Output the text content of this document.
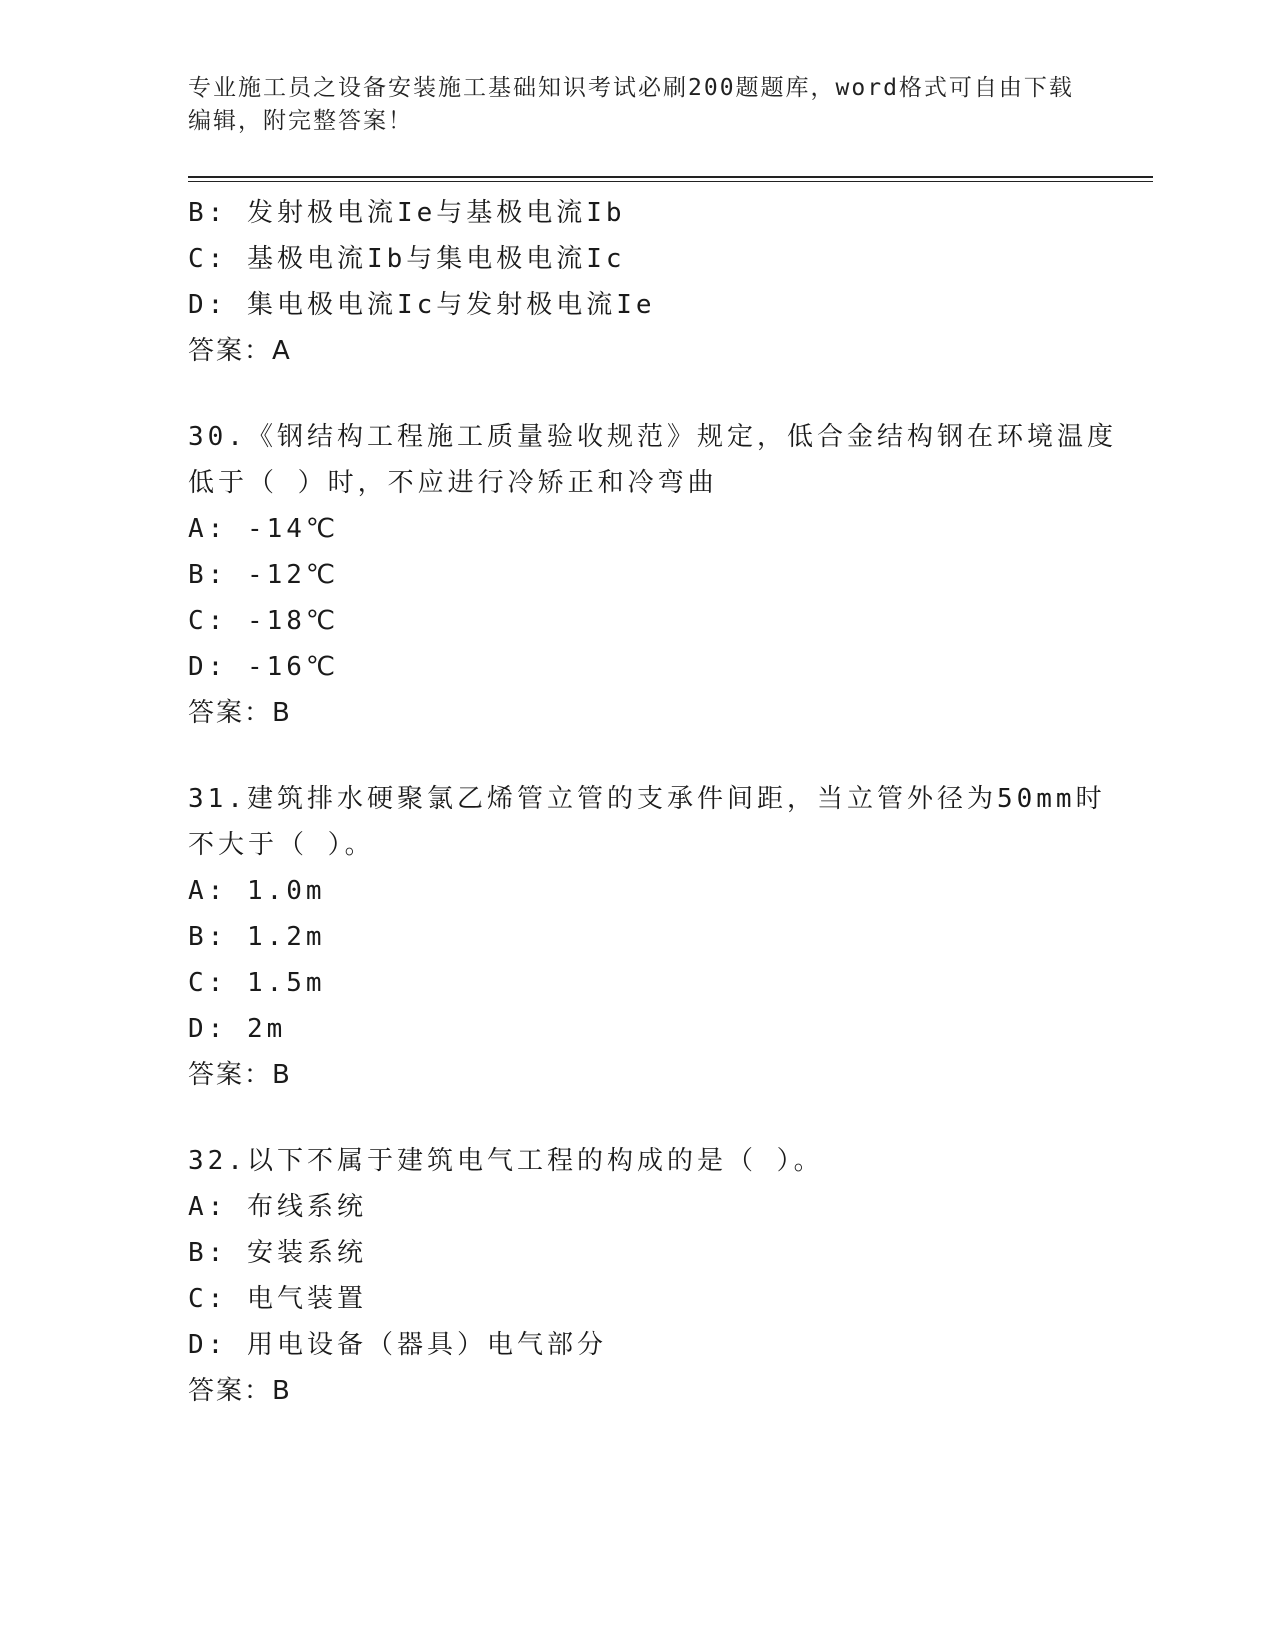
专业施工员之设备安装施工基础知识考试必刷200题题库，word格式可自由下载
编辑，附完整答案！
B: 发射极电流Ie与基极电流Ib
C: 基极电流Ib与集电极电流Ic
D: 集电极电流Ic与发射极电流Ie
答案：A
30.《钢结构工程施工质量验收规范》规定，低合金结构钢在环境温度
低于（ ）时，不应进行冷矫正和冷弯曲
A: -14℃
B: -12℃
C: -18℃
D: -16℃
答案：B
31.建筑排水硬聚氯乙烯管立管的支承件间距，当立管外径为50mm时
不大于（ ）。
A: 1.0m
B: 1.2m
C: 1.5m
D: 2m
答案：B
32.以下不属于建筑电气工程的构成的是（ ）。
A: 布线系统
B: 安装系统
C: 电气装置
D: 用电设备（器具）电气部分
答案：B
